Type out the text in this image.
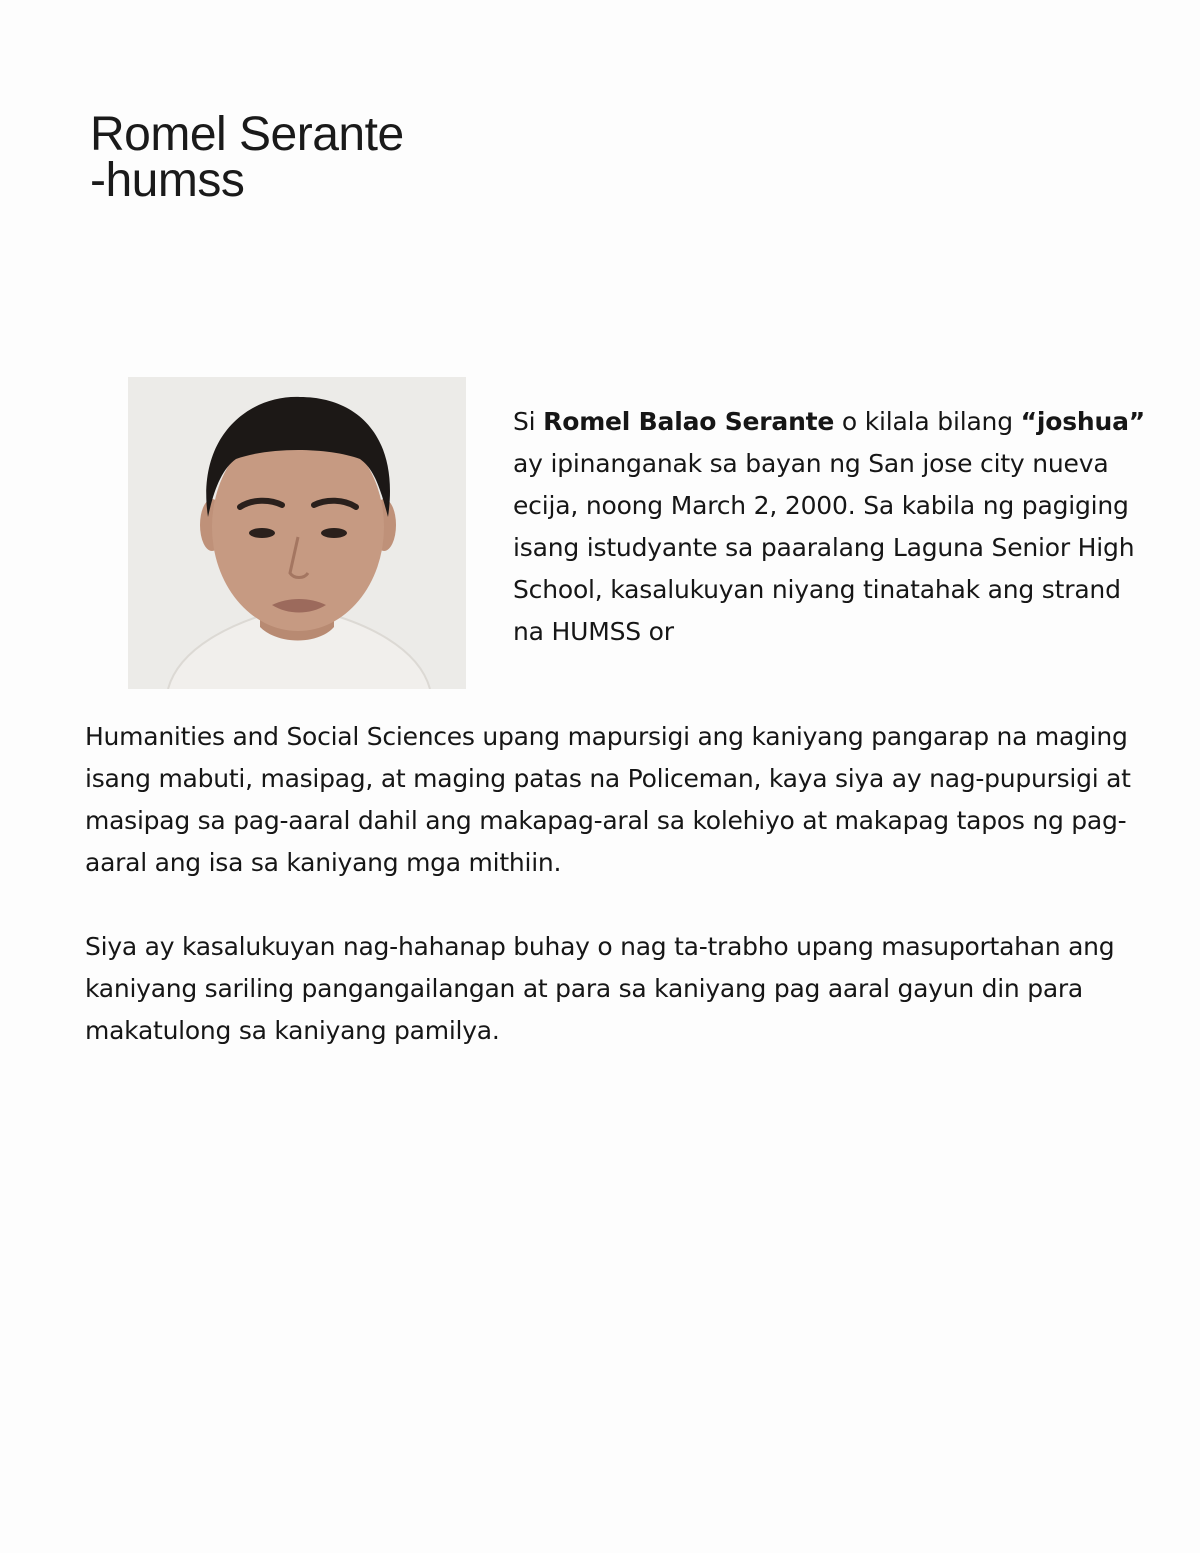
Romel Serante
-humss

Si Romel Balao Serante o kilala bilang “joshua” ay ipinanganak sa bayan ng San jose city nueva ecija, noong March 2, 2000. Sa kabila ng pagiging isang istudyante sa paaralang Laguna Senior High School, kasalukuyan niyang tinatahak ang strand na HUMSS or

Humanities and Social Sciences upang mapursigi ang kaniyang pangarap na maging isang mabuti, masipag, at maging patas na Policeman, kaya siya ay nag-pupursigi at masipag sa pag-aaral dahil ang makapag-aral sa kolehiyo at makapag tapos ng pag-aaral ang isa sa kaniyang mga mithiin.

Siya ay kasalukuyan nag-hahanap buhay o nag ta-trabho upang masuportahan ang kaniyang sariling pangangailangan at para sa kaniyang pag aaral gayun din para makatulong sa kaniyang pamilya.
